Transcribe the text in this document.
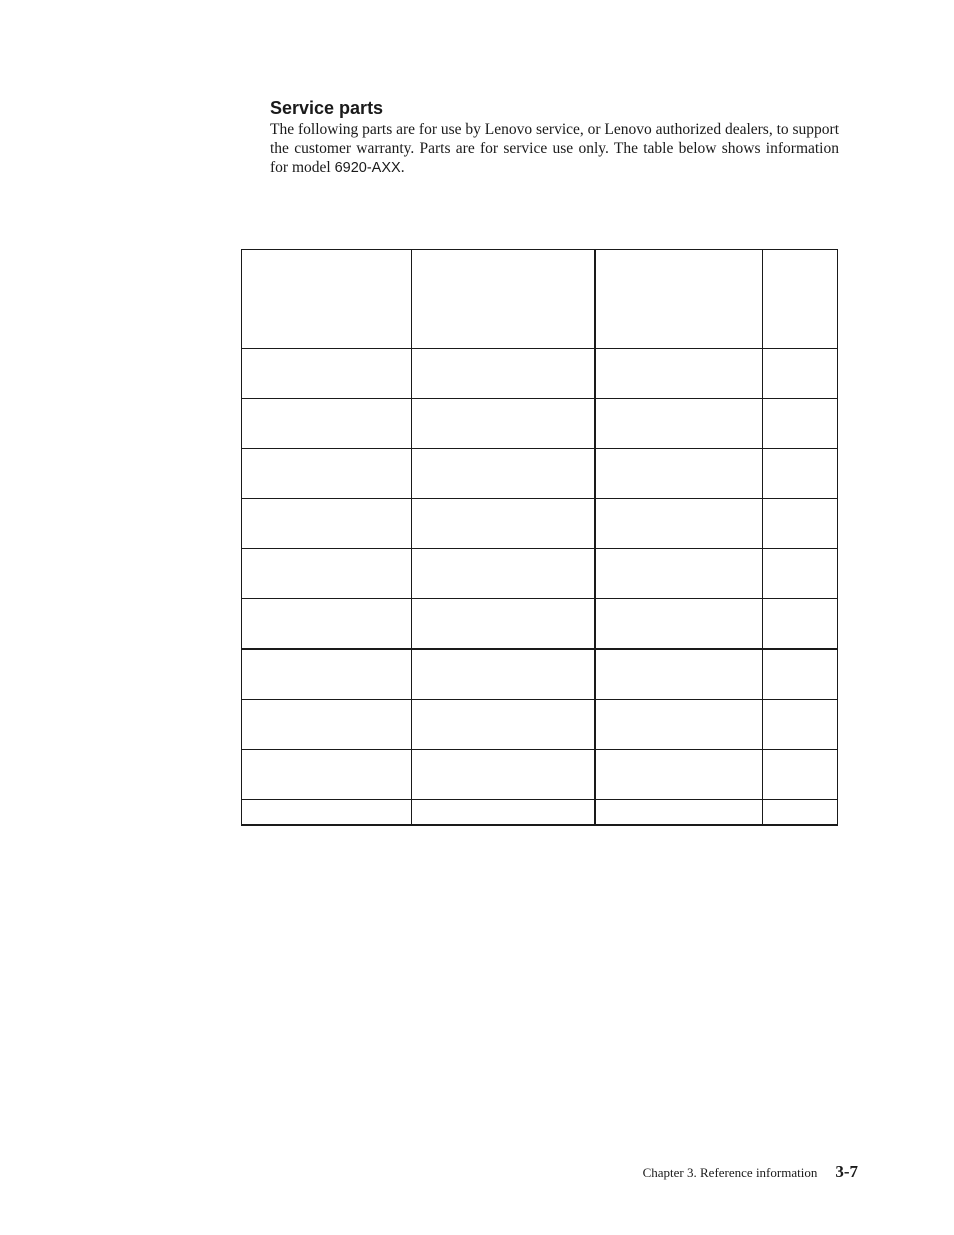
Service parts

The following parts are for use by Lenovo service, or Lenovo authorized dealers, to support the customer warranty. Parts are for service use only. The table below shows information for model 6920-AXX.

Chapter 3. Reference information 3-7
